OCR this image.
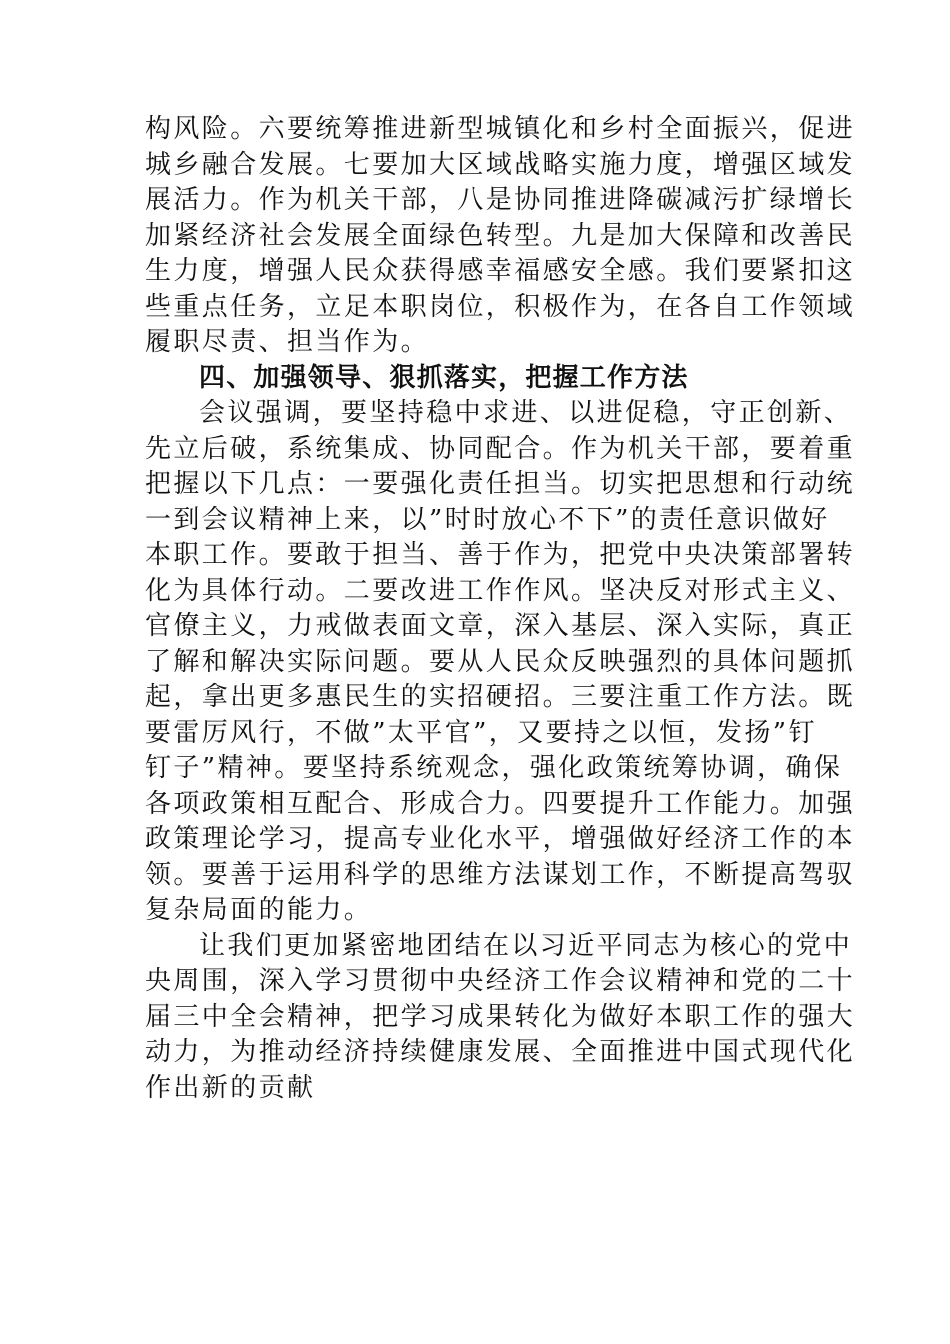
构风险。六要统筹推进新型城镇化和乡村全面振兴，促进
城乡融合发展。七要加大区域战略实施力度，增强区域发
展活力。作为机关干部，八是协同推进降碳减污扩绿增长
加紧经济社会发展全面绿色转型。九是加大保障和改善民
生力度，增强人民众获得感幸福感安全感。我们要紧扣这
些重点任务，立足本职岗位，积极作为，在各自工作领域
履职尽责、担当作为。
四、加强领导、狠抓落实，把握工作方法
会议强调，要坚持稳中求进、以进促稳，守正创新、
先立后破，系统集成、协同配合。作为机关干部，要着重
把握以下几点：一要强化责任担当。切实把思想和行动统
一到会议精神上来，以”时时放心不下”的责任意识做好
本职工作。要敢于担当、善于作为，把党中央决策部署转
化为具体行动。二要改进工作作风。坚决反对形式主义、
官僚主义，力戒做表面文章，深入基层、深入实际，真正
了解和解决实际问题。要从人民众反映强烈的具体问题抓
起，拿出更多惠民生的实招硬招。三要注重工作方法。既
要雷厉风行，不做”太平官”，又要持之以恒，发扬”钉
钉子”精神。要坚持系统观念，强化政策统筹协调，确保
各项政策相互配合、形成合力。四要提升工作能力。加强
政策理论学习，提高专业化水平，增强做好经济工作的本
领。要善于运用科学的思维方法谋划工作，不断提高驾驭
复杂局面的能力。
让我们更加紧密地团结在以习近平同志为核心的党中
央周围，深入学习贯彻中央经济工作会议精神和党的二十
届三中全会精神，把学习成果转化为做好本职工作的强大
动力，为推动经济持续健康发展、全面推进中国式现代化
作出新的贡献
